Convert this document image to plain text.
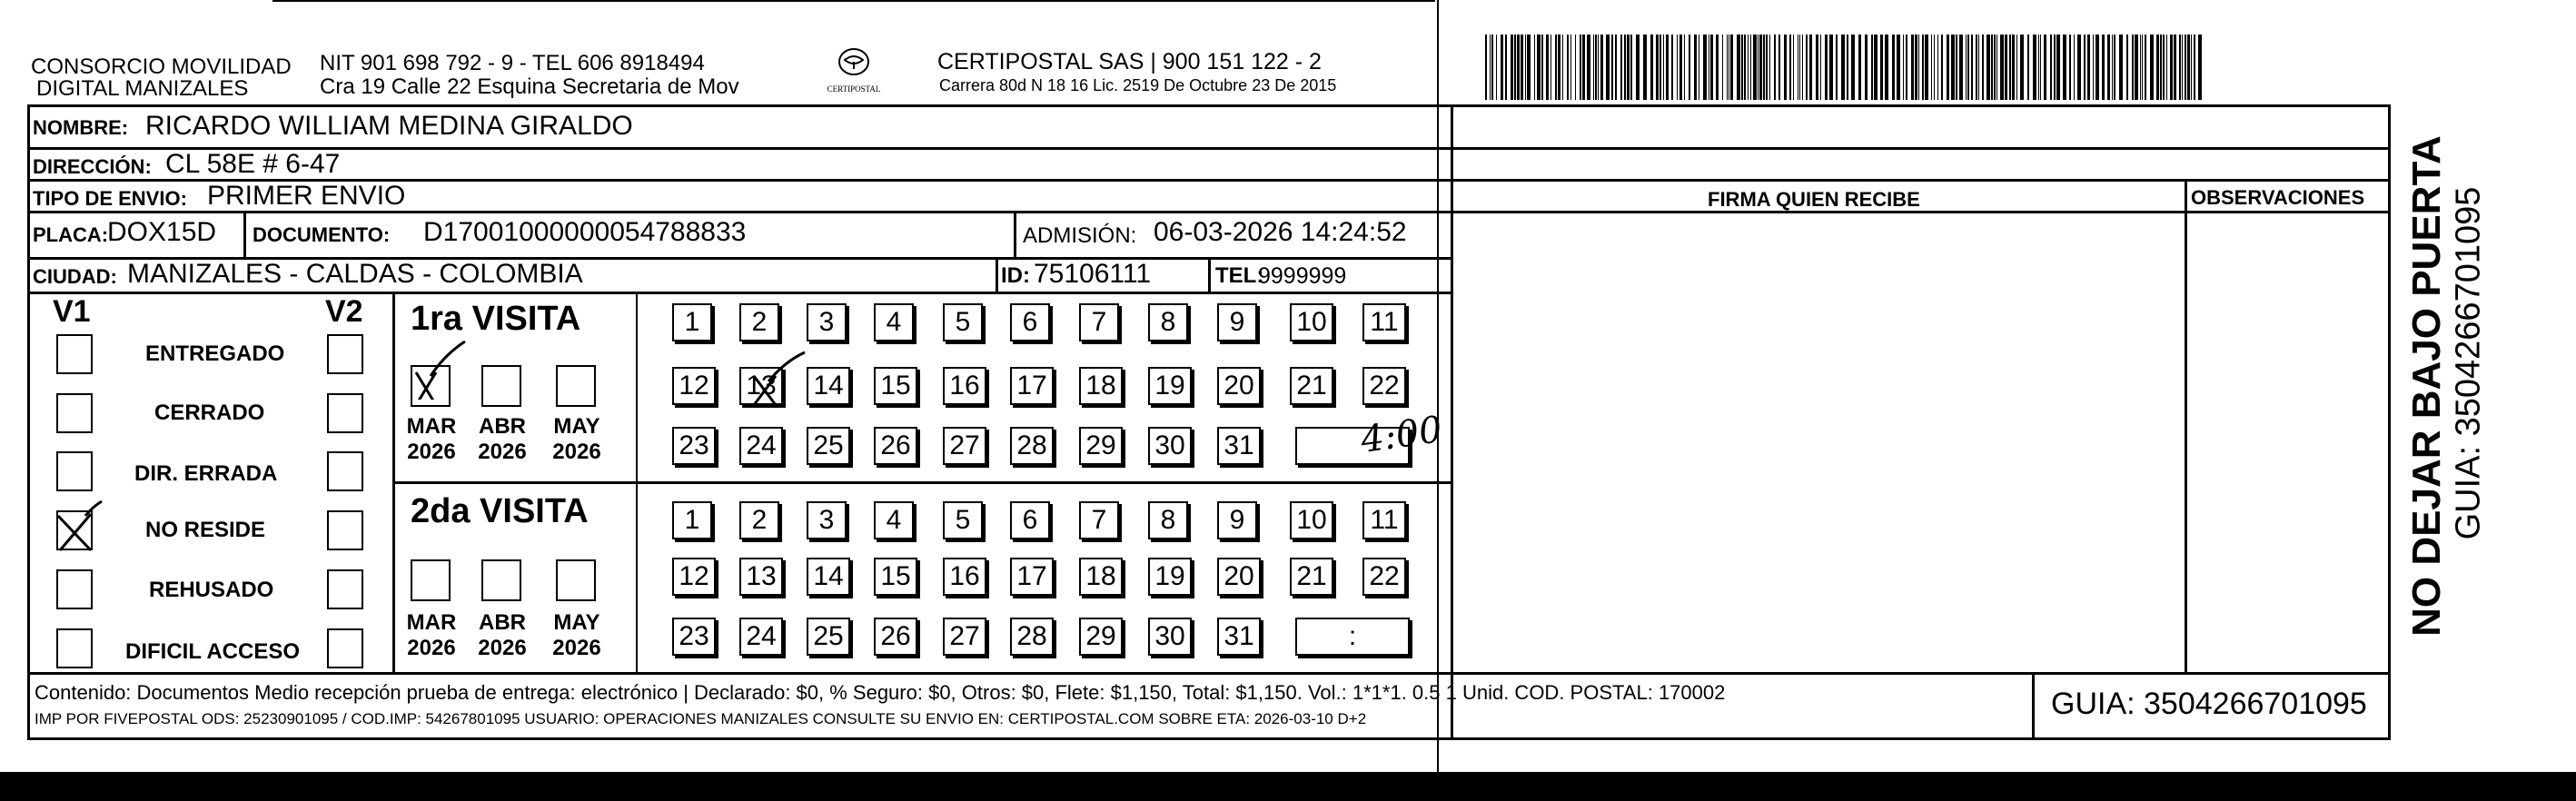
CONSORCIO MOVILIDAD
DIGITAL MANIZALES
NIT 901 698 792 - 9 - TEL 606 8918494
Cra 19 Calle 22 Esquina Secretaria de Mov	CERTIPOSTAL
CERTIPOSTAL SAS | 900 151 122 - 2
Carrera 80d N 18 16 Lic. 2519 De Octubre 23 De 2015
NOMBRE: RICARDO WILLIAM MEDINA GIRALDO
DIRECCIÓN: CL 58E # 6-47
TIPO DE ENVIO: PRIMER ENVIO
PLACA:
DOX15D DOCUMENTO: D17001000000054788833	ADMISIÓN: 06-03-2026 14:24:52
CIUDAD: MANIZALES - CALDAS - COLOMBIA	ID: 75106111	TEL:
9999999
V1	V2
ENTREGADO
CERRADO
DIR. ERRADA
NO RESIDE
REHUSADO
DIFICIL ACCESO
1ra VISITA
MAR
2026
ABR
2026
MAY
2026
2da VISITA
MAR
2026
ABR
2026
MAY
2026
1	2	3	4	5	6	7	8	9	10 11
12 13 14 15 16 17 18 19 20 21 22
23 24 25 26 27 28 29 30 31
1	2	3	4	5	6	7	8	9	10 11
12 13 14 15 16 17 18 19 20 21 22
23 24 25 26 27 28 29 30 31	:
4:00
FIRMA QUIEN RECIBE	OBSERVACIONES NO DEJAR BAJO PUERTA GUIA: 3504266701095
Contenido: Documentos Medio recepción prueba de entrega: electrónico | Declarado: $0, % Seguro: $0, Otros: $0, Flete: $1,150, Total: $1,150. Vol.: 1*1*1. 0.5 1 Unid. COD. POSTAL: 170002
IMP POR FIVEPOSTAL ODS: 25230901095 / COD.IMP: 54267801095 USUARIO: OPERACIONES MANIZALES CONSULTE SU ENVIO EN: CERTIPOSTAL.COM SOBRE ETA: 2026-03-10 D+2	GUIA: 3504266701095
